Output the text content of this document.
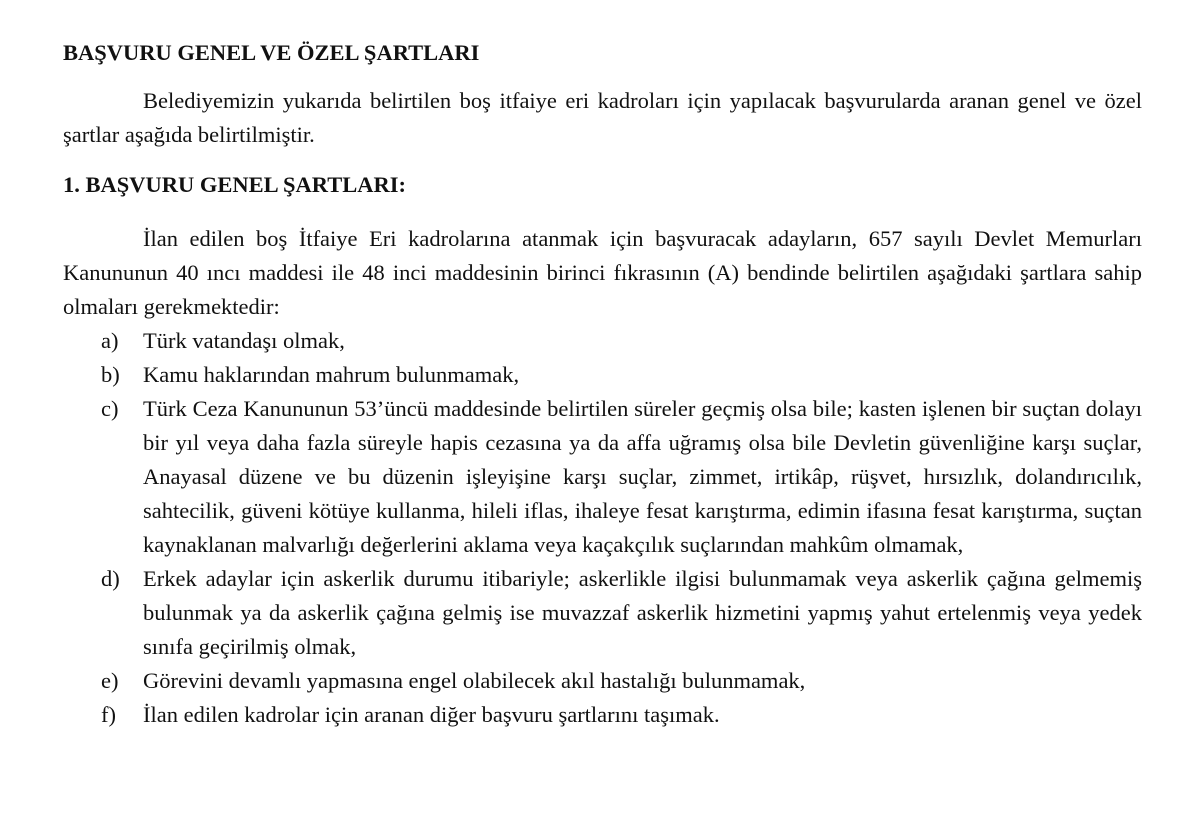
BAŞVURU GENEL VE ÖZEL ŞARTLARI

Belediyemizin yukarıda belirtilen boş itfaiye eri kadroları için yapılacak başvurularda aranan genel ve özel şartlar aşağıda belirtilmiştir.

1. BAŞVURU GENEL ŞARTLARI:

İlan edilen boş İtfaiye Eri kadrolarına atanmak için başvuracak adayların, 657 sayılı Devlet Memurları Kanununun 40 ıncı maddesi ile 48 inci maddesinin birinci fıkrasının (A) bendinde belirtilen aşağıdaki şartlara sahip olmaları gerekmektedir:

a)	Türk vatandaşı olmak,
b)	Kamu haklarından mahrum bulunmamak,
c)	Türk Ceza Kanununun 53’üncü maddesinde belirtilen süreler geçmiş olsa bile; kasten işlenen bir suçtan dolayı bir yıl veya daha fazla süreyle hapis cezasına ya da affa uğramış olsa bile Devletin güvenliğine karşı suçlar, Anayasal düzene ve bu düzenin işleyişine karşı suçlar, zimmet, irtikâp, rüşvet, hırsızlık, dolandırıcılık, sahtecilik, güveni kötüye kullanma, hileli iflas, ihaleye fesat karıştırma, edimin ifasına fesat karıştırma, suçtan kaynaklanan malvarlığı değerlerini aklama veya kaçakçılık suçlarından mahkûm olmamak,
d)	Erkek adaylar için askerlik durumu itibariyle; askerlikle ilgisi bulunmamak veya askerlik çağına gelmemiş bulunmak ya da askerlik çağına gelmiş ise muvazzaf askerlik hizmetini yapmış yahut ertelenmiş veya yedek sınıfa geçirilmiş olmak,
e)	Görevini devamlı yapmasına engel olabilecek akıl hastalığı bulunmamak,
f)	İlan edilen kadrolar için aranan diğer başvuru şartlarını taşımak.
